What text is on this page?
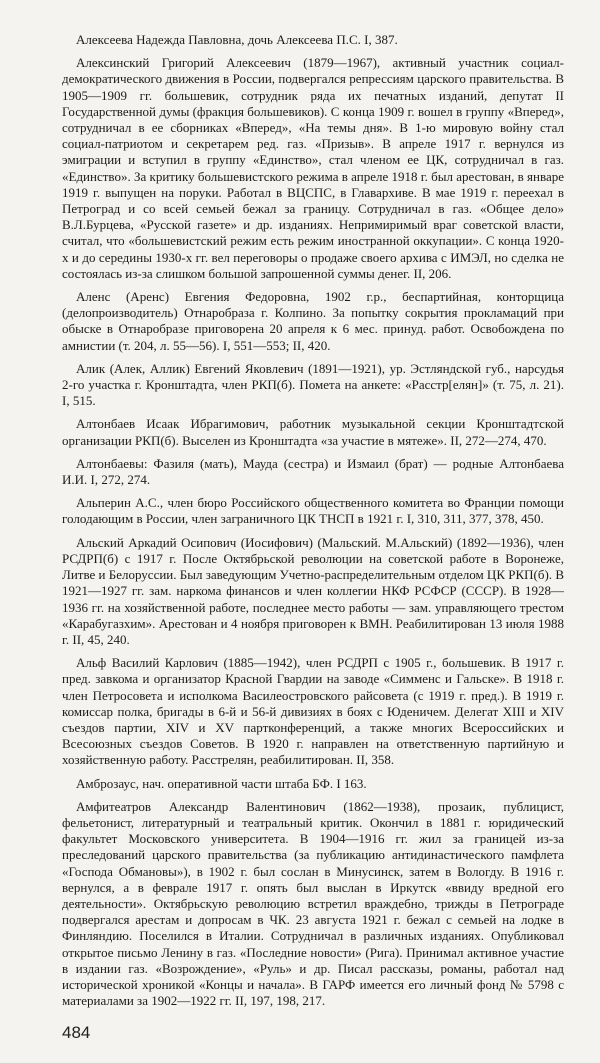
Алексеева Надежда Павловна, дочь Алексеева П.С. I, 387.

Алексинский Григорий Алексеевич (1879—1967), активный участник социал-демократического движения в России, подвергался репрессиям царского правительства. В 1905—1909 гг. большевик, сотрудник ряда их печатных изданий, депутат II Государственной думы (фракция большевиков). С конца 1909 г. вошел в группу «Вперед», сотрудничал в ее сборниках «Вперед», «На темы дня». В 1-ю мировую войну стал социал-патриотом и секретарем ред. газ. «Призыв». В апреле 1917 г. вернулся из эмиграции и вступил в группу «Единство», стал членом ее ЦК, сотрудничал в газ. «Единство». За критику большевистского режима в апреле 1918 г. был арестован, в январе 1919 г. выпущен на поруки. Работал в ВЦСПС, в Главархиве. В мае 1919 г. переехал в Петроград и со всей семьей бежал за границу. Сотрудничал в газ. «Общее дело» В.Л.Бурцева, «Русской газете» и др. изданиях. Непримиримый враг советской власти, считал, что «большевистский режим есть режим иностранной оккупации». С конца 1920-х и до середины 1930-х гг. вел переговоры о продаже своего архива с ИМЭЛ, но сделка не состоялась из-за слишком большой запрошенной суммы денег. II, 206.

Аленс (Аренс) Евгения Федоровна, 1902 г.р., беспартийная, конторщица (делопроизводитель) Отнаробраза г. Колпино. За попытку сокрытия прокламаций при обыске в Отнаробразе приговорена 20 апреля к 6 мес. принуд. работ. Освобождена по амнистии (т. 204, л. 55—56). I, 551—553; II, 420.

Алик (Алек, Аллик) Евгений Яковлевич (1891—1921), ур. Эстляндской губ., нарсудья 2-го участка г. Кронштадта, член РКП(б). Помета на анкете: «Расстр[елян]» (т. 75, л. 21). I, 515.

Алтонбаев Исаак Ибрагимович, работник музыкальной секции Кронштадтской организации РКП(б). Выселен из Кронштадта «за участие в мятеже». II, 272—274, 470.

Алтонбаевы: Фазиля (мать), Мауда (сестра) и Измаил (брат) — родные Алтонбаева И.И. I, 272, 274.

Альперин А.С., член бюро Российского общественного комитета во Франции помощи голодающим в России, член заграничного ЦК ТНСП в 1921 г. I, 310, 311, 377, 378, 450.

Альский Аркадий Осипович (Иосифович) (Мальский. М.Альский) (1892—1936), член РСДРП(б) с 1917 г. После Октябрьской революции на советской работе в Воронеже, Литве и Белоруссии. Был заведующим Учетно-распределительным отделом ЦК РКП(б). В 1921—1927 гг. зам. наркома финансов и член коллегии НКФ РСФСР (СССР). В 1928—1936 гг. на хозяйственной работе, последнее место работы — зам. управляющего трестом «Карабугазхим». Арестован и 4 ноября приговорен к ВМН. Реабилитирован 13 июля 1988 г. II, 45, 240.

Альф Василий Карлович (1885—1942), член РСДРП с 1905 г., большевик. В 1917 г. пред. завкома и организатор Красной Гвардии на заводе «Симменс и Гальске». В 1918 г. член Петросовета и исполкома Василеостровского райсовета (с 1919 г. пред.). В 1919 г. комиссар полка, бригады в 6-й и 56-й дивизиях в боях с Юденичем. Делегат XIII и XIV съездов партии, XIV и XV партконференций, а также многих Всероссийских и Всесоюзных съездов Советов. В 1920 г. направлен на ответственную партийную и хозяйственную работу. Расстрелян, реабилитирован. II, 358.

Амброзаус, нач. оперативной части штаба БФ. I 163.

Амфитеатров Александр Валентинович (1862—1938), прозаик, публицист, фельетонист, литературный и театральный критик. Окончил в 1881 г. юридический факультет Московского университета. В 1904—1916 гг. жил за границей из-за преследований царского правительства (за публикацию антидинастического памфлета «Господа Обмановы»), в 1902 г. был сослан в Минусинск, затем в Вологду. В 1916 г. вернулся, а в феврале 1917 г. опять был выслан в Иркутск «ввиду вредной его деятельности». Октябрьскую революцию встретил враждебно, трижды в Петрограде подвергался арестам и допросам в ЧК. 23 августа 1921 г. бежал с семьей на лодке в Финляндию. Поселился в Италии. Сотрудничал в различных изданиях. Опубликовал открытое письмо Ленину в газ. «Последние новости» (Рига). Принимал активное участие в издании газ. «Возрождение», «Руль» и др. Писал рассказы, романы, работал над исторической хроникой «Концы и начала». В ГАРФ имеется его личный фонд № 5798 с материалами за 1902—1922 гг. II, 197, 198, 217.

484
